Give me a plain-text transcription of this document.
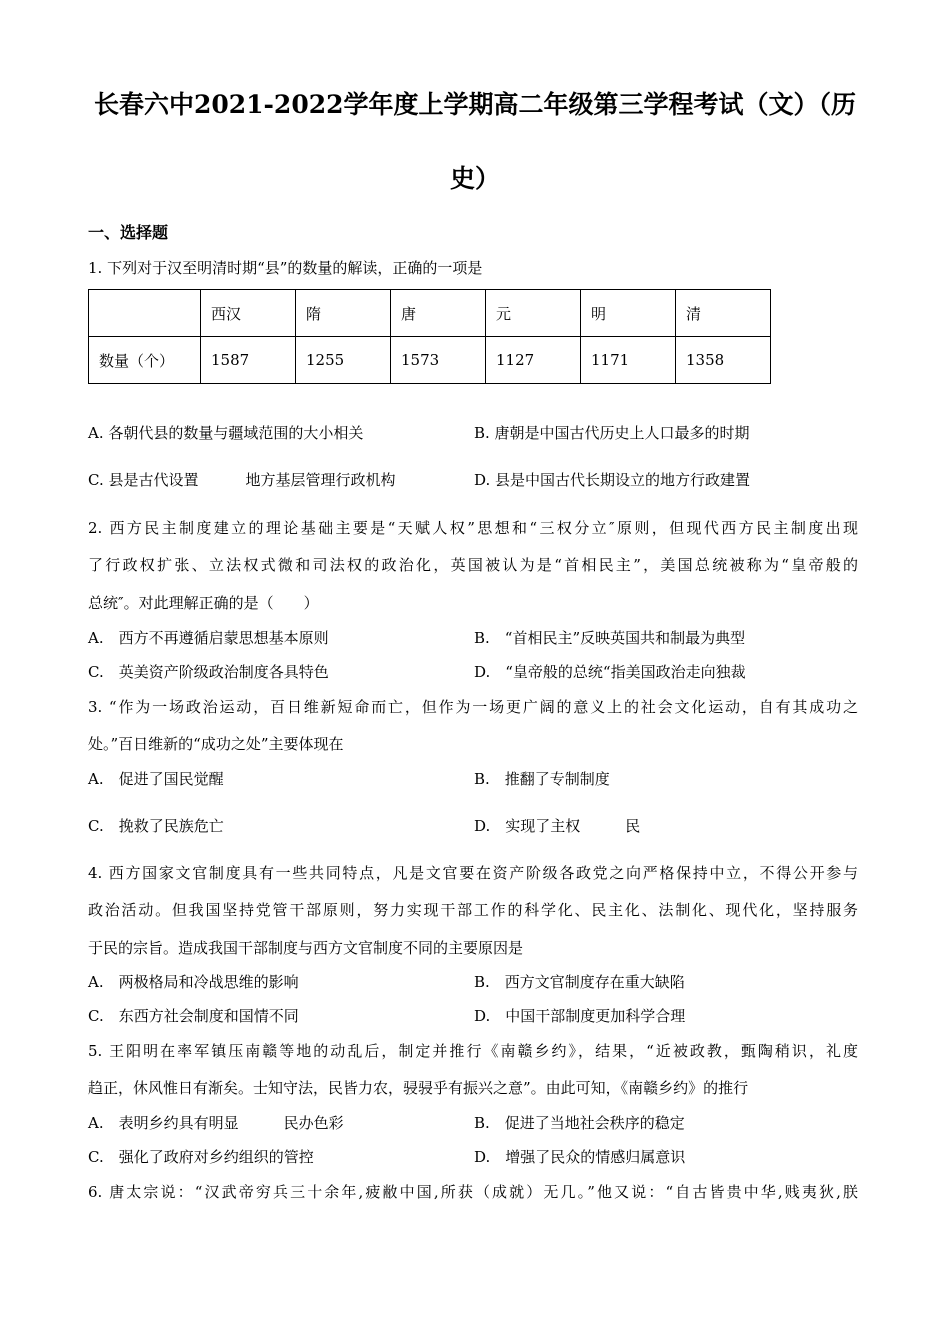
长春六中2021-2022学年度上学期高二年级第三学程考试（文）（历
史）
一、选择题
1. 下列对于汉至明清时期“县”的数量的解读，正确的一项是
	西汉	隋	唐	元	明	清
数量（个）	1587	1255	1573	1127	1171	1358
A. 各朝代县的数量与疆域范围的大小相关	B. 唐朝是中国古代历史上人口最多的时期
C. 县是古代设置	地方基层管理行政机构	D. 县是中国古代长期设立的地方行政建置
2. 西方民主制度建立的理论基础主要是“天赋人权”思想和“三权分立″原则，但现代西方民主制度出现
了行政权扩张、立法权式微和司法权的政治化，英国被认为是“首相民主”，美国总统被称为“皇帝般的
总统″。对此理解正确的是（　　）
A.　西方不再遵循启蒙思想基本原则	B.　“首相民主”反映英国共和制最为典型
C.　英美资产阶级政治制度各具特色	D.　“皇帝般的总统“指美国政治走向独裁
3. “作为一场政治运动，百日维新短命而亡，但作为一场更广阔的意义上的社会文化运动，自有其成功之
处。”百日维新的“成功之处”主要体现在
A.　促进了国民觉醒	B.　推翻了专制制度
C.　挽救了民族危亡	D.　实现了主权	民
4. 西方国家文官制度具有一些共同特点，凡是文官要在资产阶级各政党之向严格保持中立，不得公开参与
政治活动。但我国坚持党管干部原则，努力实现干部工作的科学化、民主化、法制化、现代化，坚持服务
于民的宗旨。造成我国干部制度与西方文官制度不同的主要原因是
A.　两极格局和冷战思维的影响	B.　西方文官制度存在重大缺陷
C.　东西方社会制度和国情不同	D.　中国干部制度更加科学合理
5. 王阳明在率军镇压南赣等地的动乱后，制定并推行《南赣乡约》，结果，“近被政教，甄陶稍识，礼度
趋正，休风惟日有渐矣。士知守法，民皆力农，骎骎乎有振兴之意”。由此可知，《南赣乡约》的推行
A.　表明乡约具有明显	民办色彩	B.　促进了当地社会秩序的稳定
C.　强化了政府对乡约组织的管控	D.　增强了民众的情感归属意识
6. 唐太宗说：“汉武帝穷兵三十余年,疲敝中国,所获（成就）无几。”他又说：“自古皆贵中华,贱夷狄,朕
